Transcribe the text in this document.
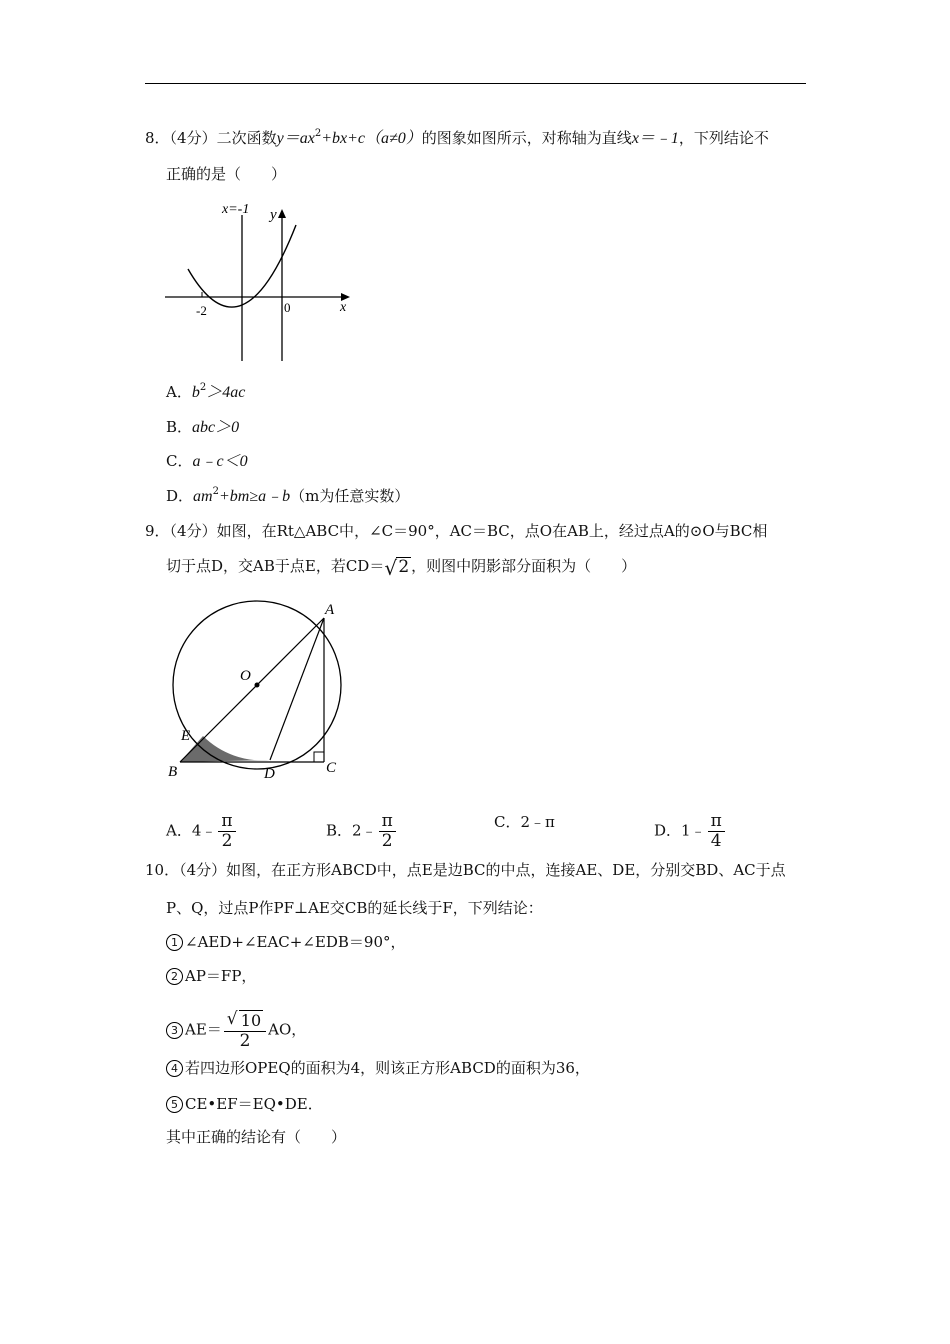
8．（4分）二次函数$y=ax^2+bx+c(a\ne 0)$的图象如图所示，对称轴为直线x＝﹣1，下列结论不
正确的是（　　）
x=-1 y
x
-2	0
A．$b^2>4ac$
B．abc＞0
C．a﹣c＜0
D．$am^2+bm\ge a﹣b(m$为任意实数）
9．（4分）如图，在Rt△ABC中，∠C＝90°，AC＝BC，点O在AB上，经过点A的⊙O与BC相
切于点D，交AB于点E，若CD＝ √ 2 ，则图中阴影部分面积为（　　）
A
B	C
D
E
O
A．4﹣ $\frac{\pi}{2}$	B．2﹣ $\frac{\pi}{2}$	C．2﹣π	D．1﹣ $\frac{\pi}{4}$
10．（4分）如图，在正方形ABCD中，点E是边BC的中点，连接AE、DE，分别交BD、AC于点
P、Q，过点P作PF⊥AE交CB的延长线于F，下列结论：
1 ∠AED+∠EAC+∠EDB＝90°，
2 AP＝FP，
3 $AE= \frac{√ 10}{2}$ AO，
4 若四边形OPEQ的面积为4，则该正方形ABCD的面积为36，
5 CE•EF＝EQ•DE．
其中正确的结论有（　　）
